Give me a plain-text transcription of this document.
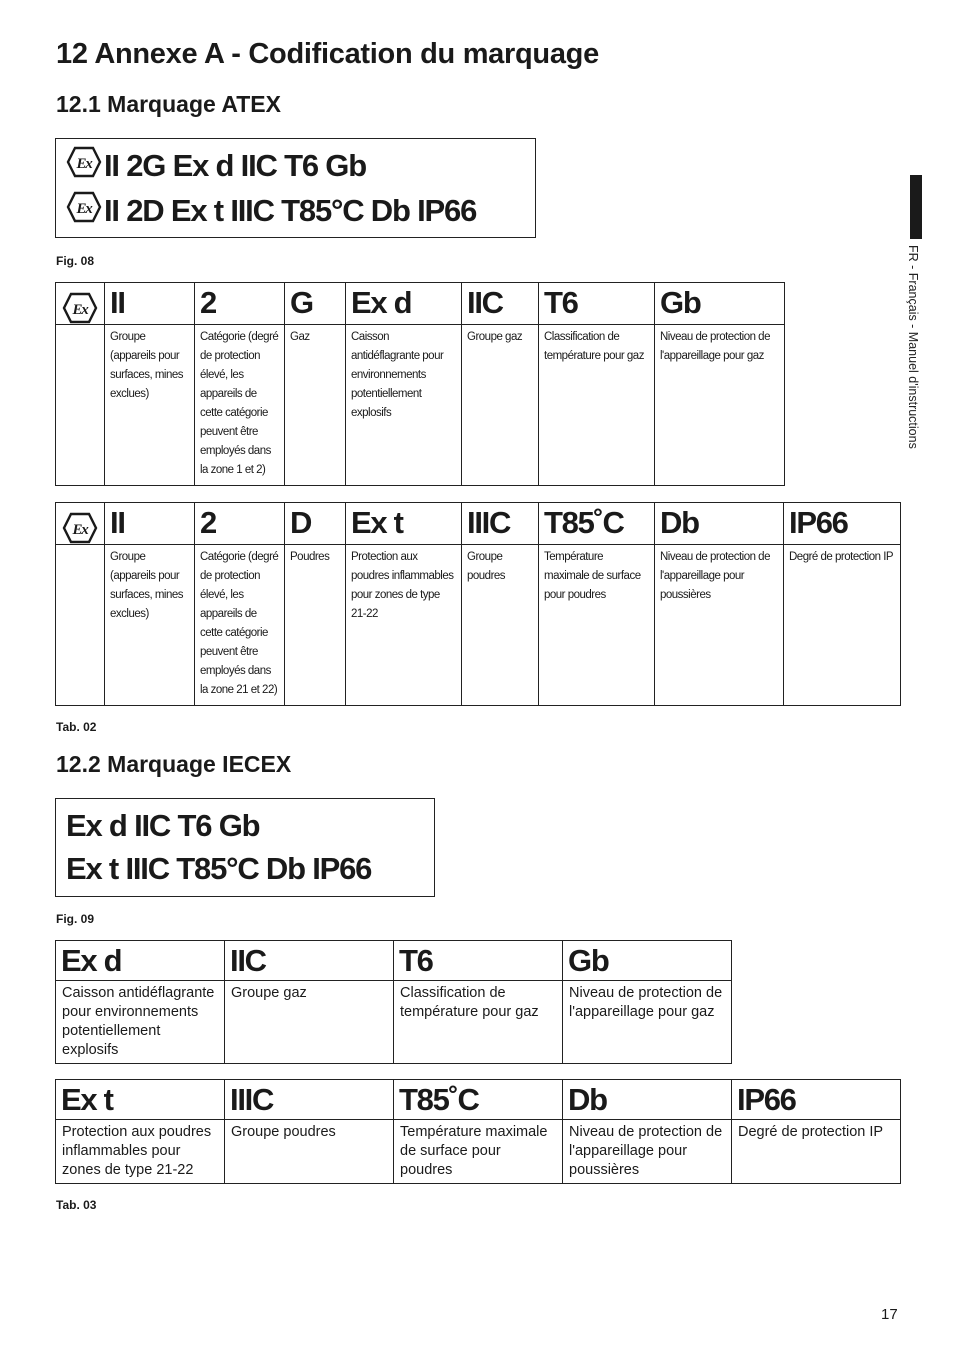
12 Annexe A - Codification du marquage
12.1 Marquage ATEX
Ex II 2G Ex d IIC T6 Gb
Ex II 2D Ex t IIIC T85°C Db IP66
Fig. 08
Ex	II	2	G	Ex d	IIC	T6	Gb
	Groupe (appareils pour surfaces, mines exclues)	Catégorie (degré de protection élevé, les appareils de cette catégorie peuvent être employés dans la zone 1 et 2)	Gaz	Caisson antidéflagrante pour environnements potentiellement explosifs	Groupe gaz	Classification de température pour gaz	Niveau de protection de l'appareillage pour gaz
Ex	II	2	D	Ex t	IIIC	T85˚C	Db	IP66
	Groupe (appareils pour surfaces, mines exclues)	Catégorie (degré de protection élevé, les appareils de cette catégorie peuvent être employés dans la zone 21 et 22)	Poudres	Protection aux poudres inflammables pour zones de type 21-22	Groupe poudres	Température maximale de surface pour poudres	Niveau de protection de l'appareillage pour poussières	Degré de protection IP
Tab. 02
12.2 Marquage IECEX
Ex d IIC T6 Gb
Ex t IIIC T85°C Db IP66
Fig. 09
Ex d	IIC	T6	Gb
Caisson antidéflagrante pour environnements potentiellement explosifs	Groupe gaz	Classification de température pour gaz	Niveau de protection de l'appareillage pour gaz
Ex t	IIIC	T85˚C	Db	IP66
Protection aux poudres inflammables pour zones de type 21-22	Groupe poudres	Température maximale de surface pour poudres	Niveau de protection de l'appareillage pour poussières	Degré de protection IP
Tab. 03
FR - Français - Manuel d'instructions
17
